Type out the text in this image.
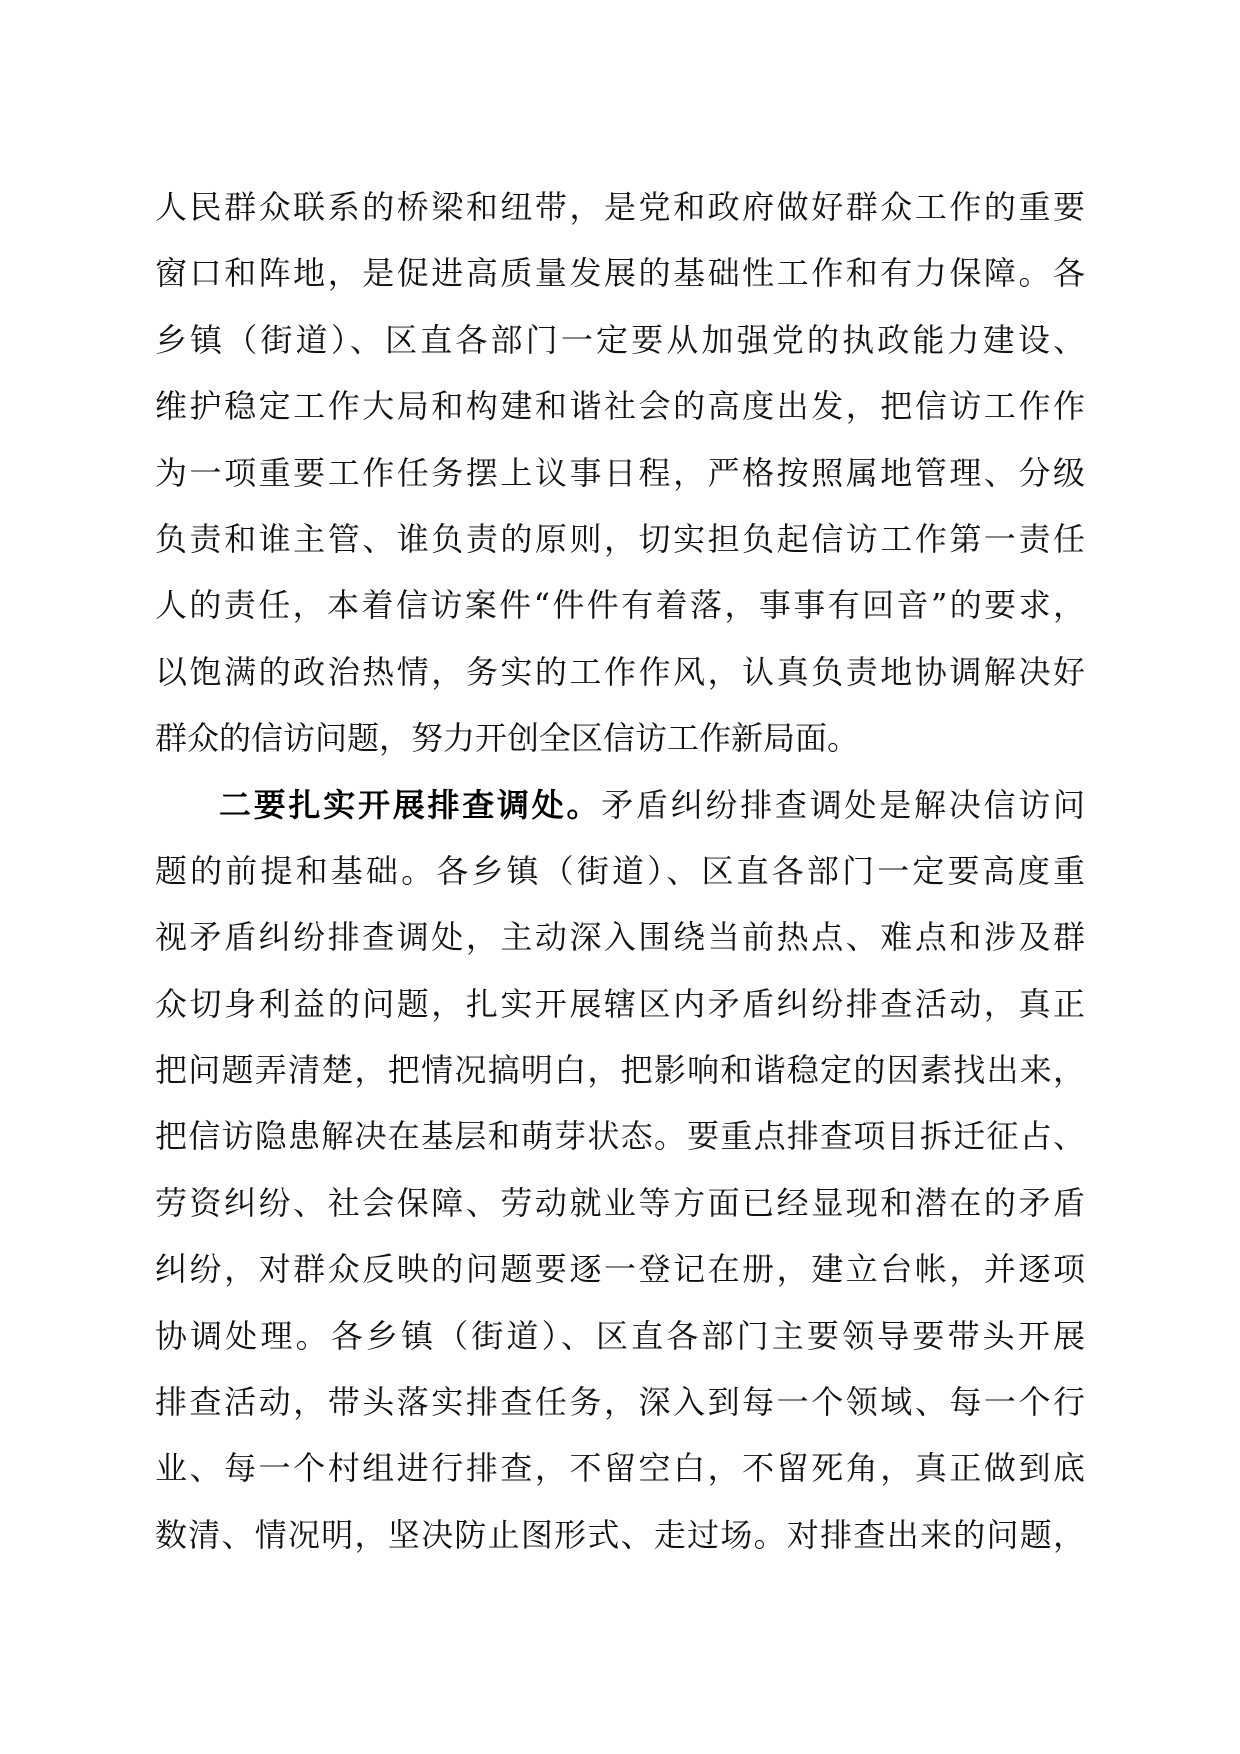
人民群众联系的桥梁和纽带，是党和政府做好群众工作的重要
窗口和阵地，是促进高质量发展的基础性工作和有力保障。各
乡镇（街道）、区直各部门一定要从加强党的执政能力建设、
维护稳定工作大局和构建和谐社会的高度出发，把信访工作作
为一项重要工作任务摆上议事日程，严格按照属地管理、分级
负责和谁主管、谁负责的原则，切实担负起信访工作第一责任
人的责任，本着信访案件“件件有着落，事事有回音”的要求，
以饱满的政治热情，务实的工作作风，认真负责地协调解决好
群众的信访问题，努力开创全区信访工作新局面。
二要扎实开展排查调处。矛盾纠纷排查调处是解决信访问
题的前提和基础。各乡镇（街道）、区直各部门一定要高度重
视矛盾纠纷排查调处，主动深入围绕当前热点、难点和涉及群
众切身利益的问题，扎实开展辖区内矛盾纠纷排查活动，真正
把问题弄清楚，把情况搞明白，把影响和谐稳定的因素找出来，
把信访隐患解决在基层和萌芽状态。要重点排查项目拆迁征占、
劳资纠纷、社会保障、劳动就业等方面已经显现和潜在的矛盾
纠纷，对群众反映的问题要逐一登记在册，建立台帐，并逐项
协调处理。各乡镇（街道）、区直各部门主要领导要带头开展
排查活动，带头落实排查任务，深入到每一个领域、每一个行
业、每一个村组进行排查，不留空白，不留死角，真正做到底
数清、情况明，坚决防止图形式、走过场。对排查出来的问题，
